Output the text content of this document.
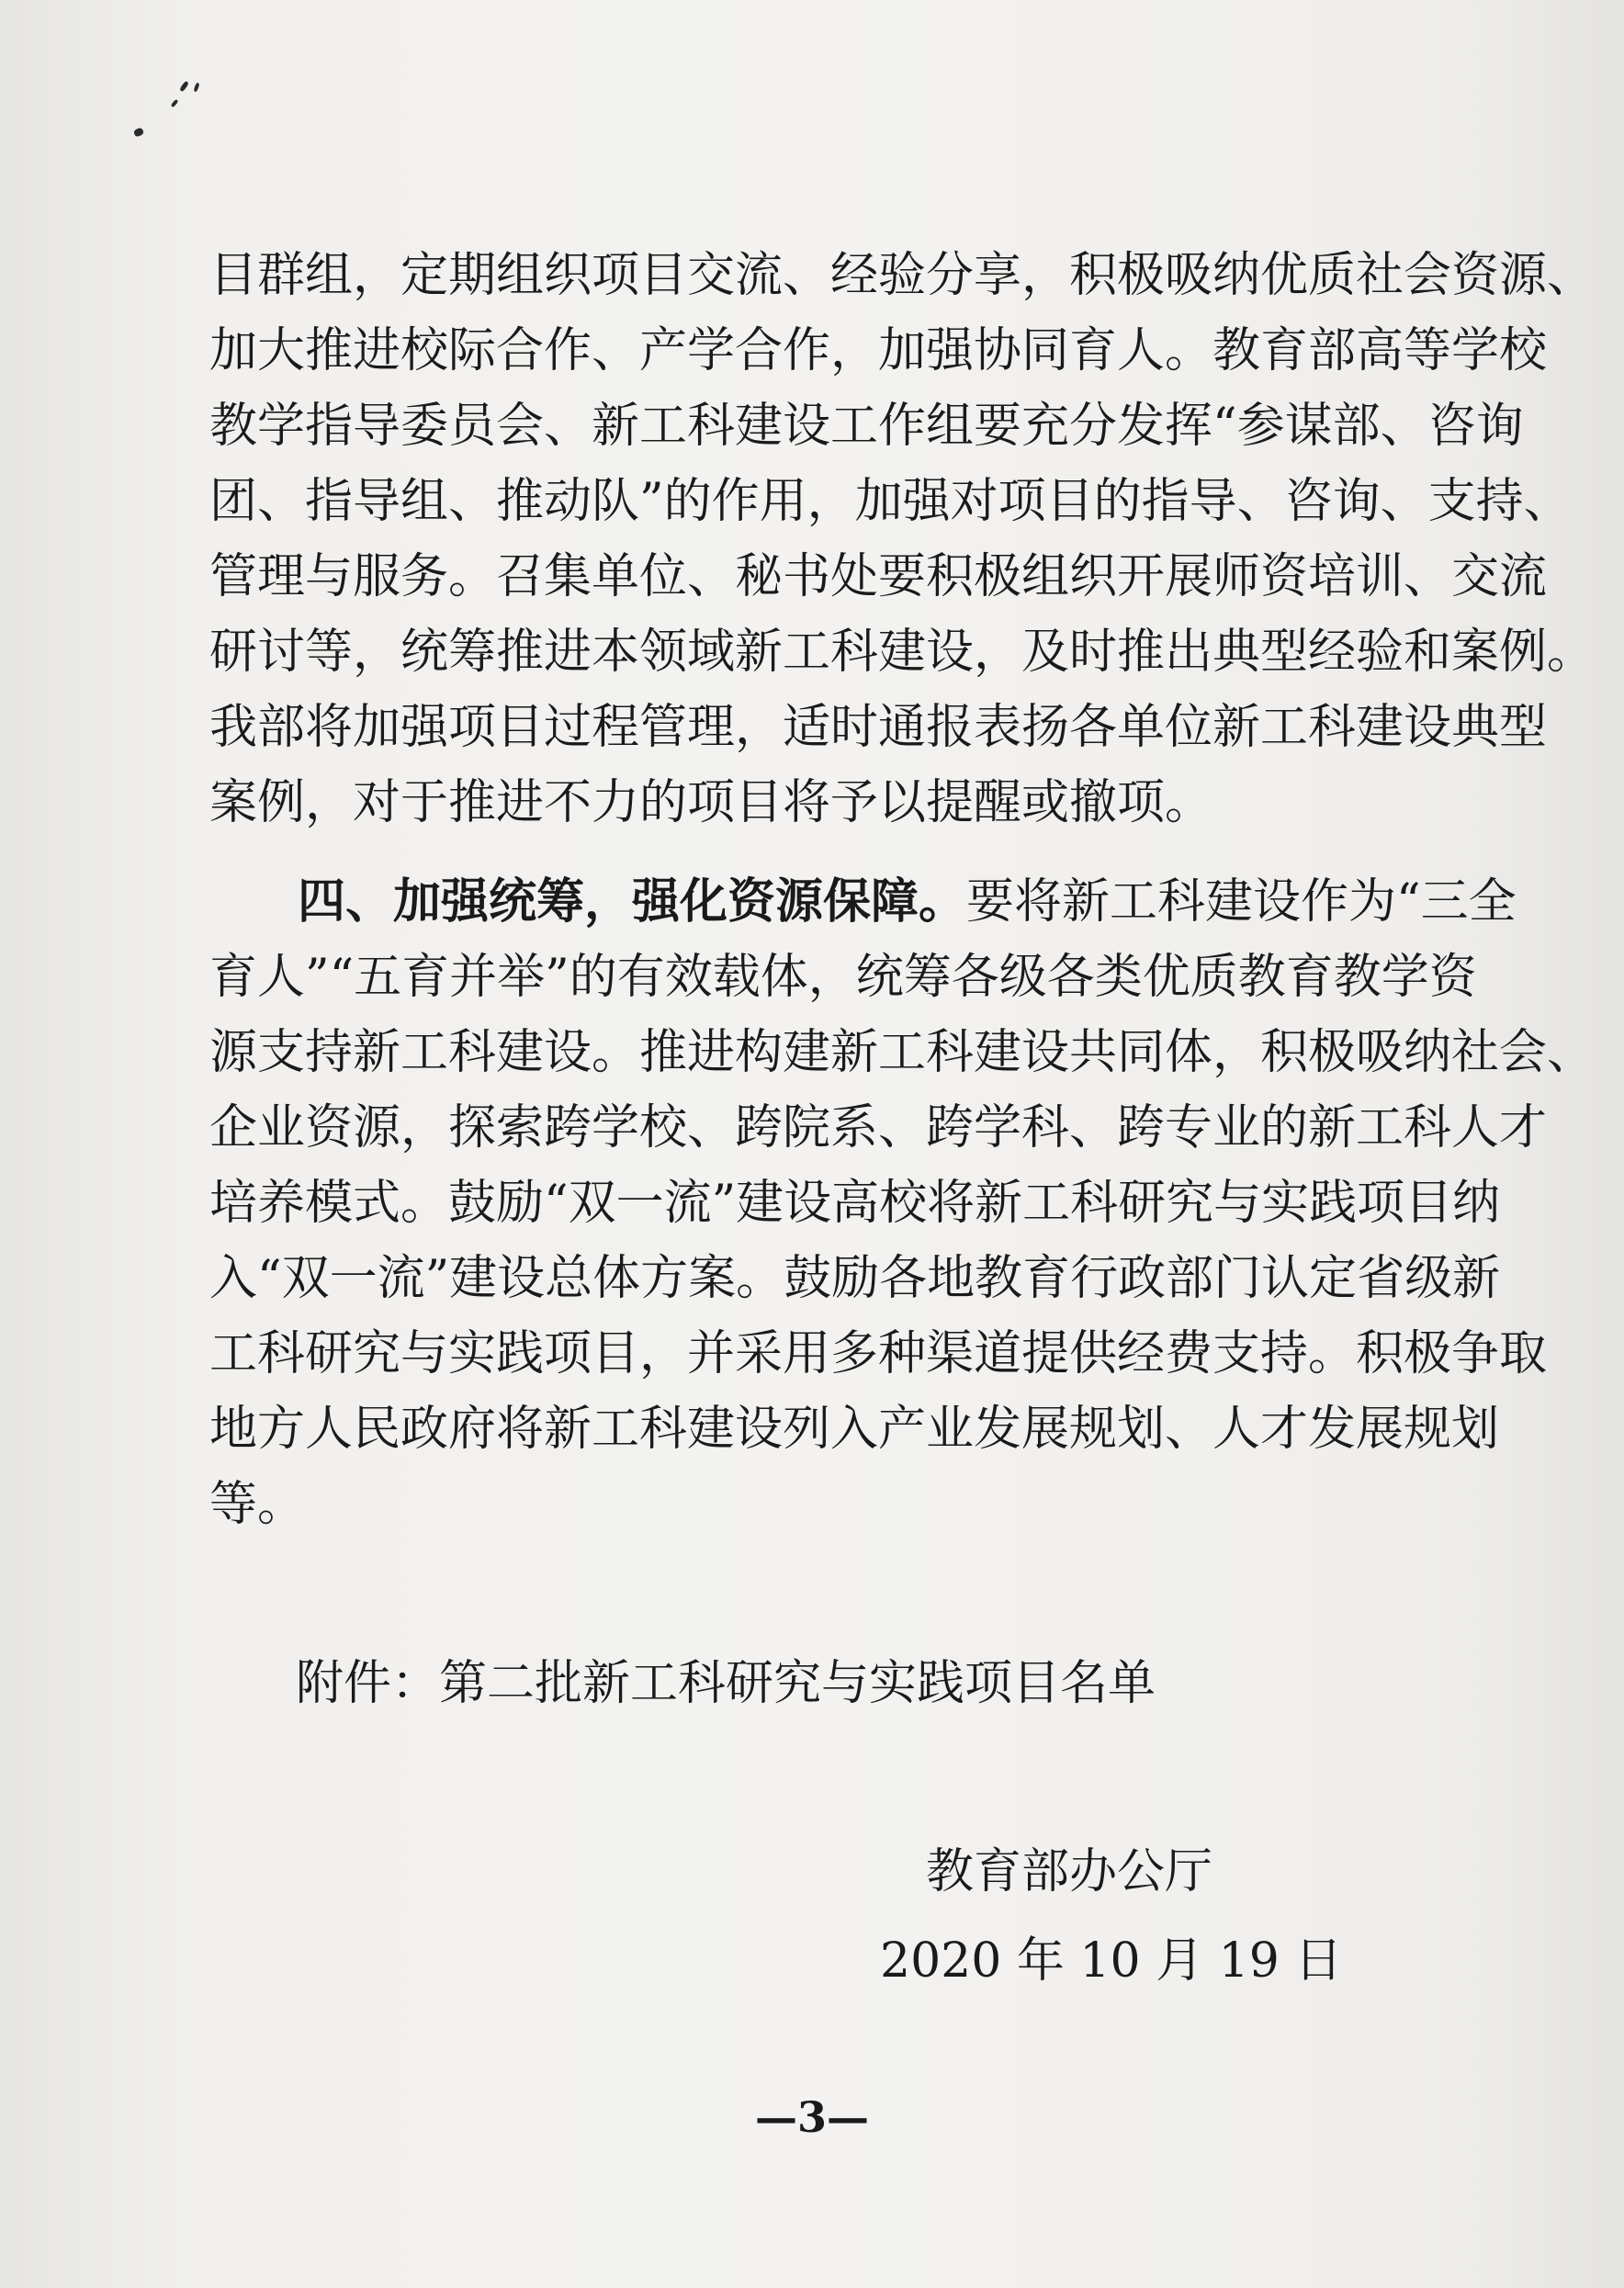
目群组，定期组织项目交流、经验分享，积极吸纳优质社会资源、
加大推进校际合作、产学合作，加强协同育人。教育部高等学校
教学指导委员会、新工科建设工作组要充分发挥“参谋部、咨询
团、指导组、推动队”的作用，加强对项目的指导、咨询、支持、
管理与服务。召集单位、秘书处要积极组织开展师资培训、交流
研讨等，统筹推进本领域新工科建设，及时推出典型经验和案例。
我部将加强项目过程管理，适时通报表扬各单位新工科建设典型
案例，对于推进不力的项目将予以提醒或撤项。
四、加强统筹，强化资源保障。要将新工科建设作为“三全
育人”“五育并举”的有效载体，统筹各级各类优质教育教学资
源支持新工科建设。推进构建新工科建设共同体，积极吸纳社会、
企业资源，探索跨学校、跨院系、跨学科、跨专业的新工科人才
培养模式。鼓励“双一流”建设高校将新工科研究与实践项目纳
入“双一流”建设总体方案。鼓励各地教育行政部门认定省级新
工科研究与实践项目，并采用多种渠道提供经费支持。积极争取
地方人民政府将新工科建设列入产业发展规划、人才发展规划
等。
附件：第二批新工科研究与实践项目名单
教育部办公厅
2020 年 10 月 19 日
—3—
